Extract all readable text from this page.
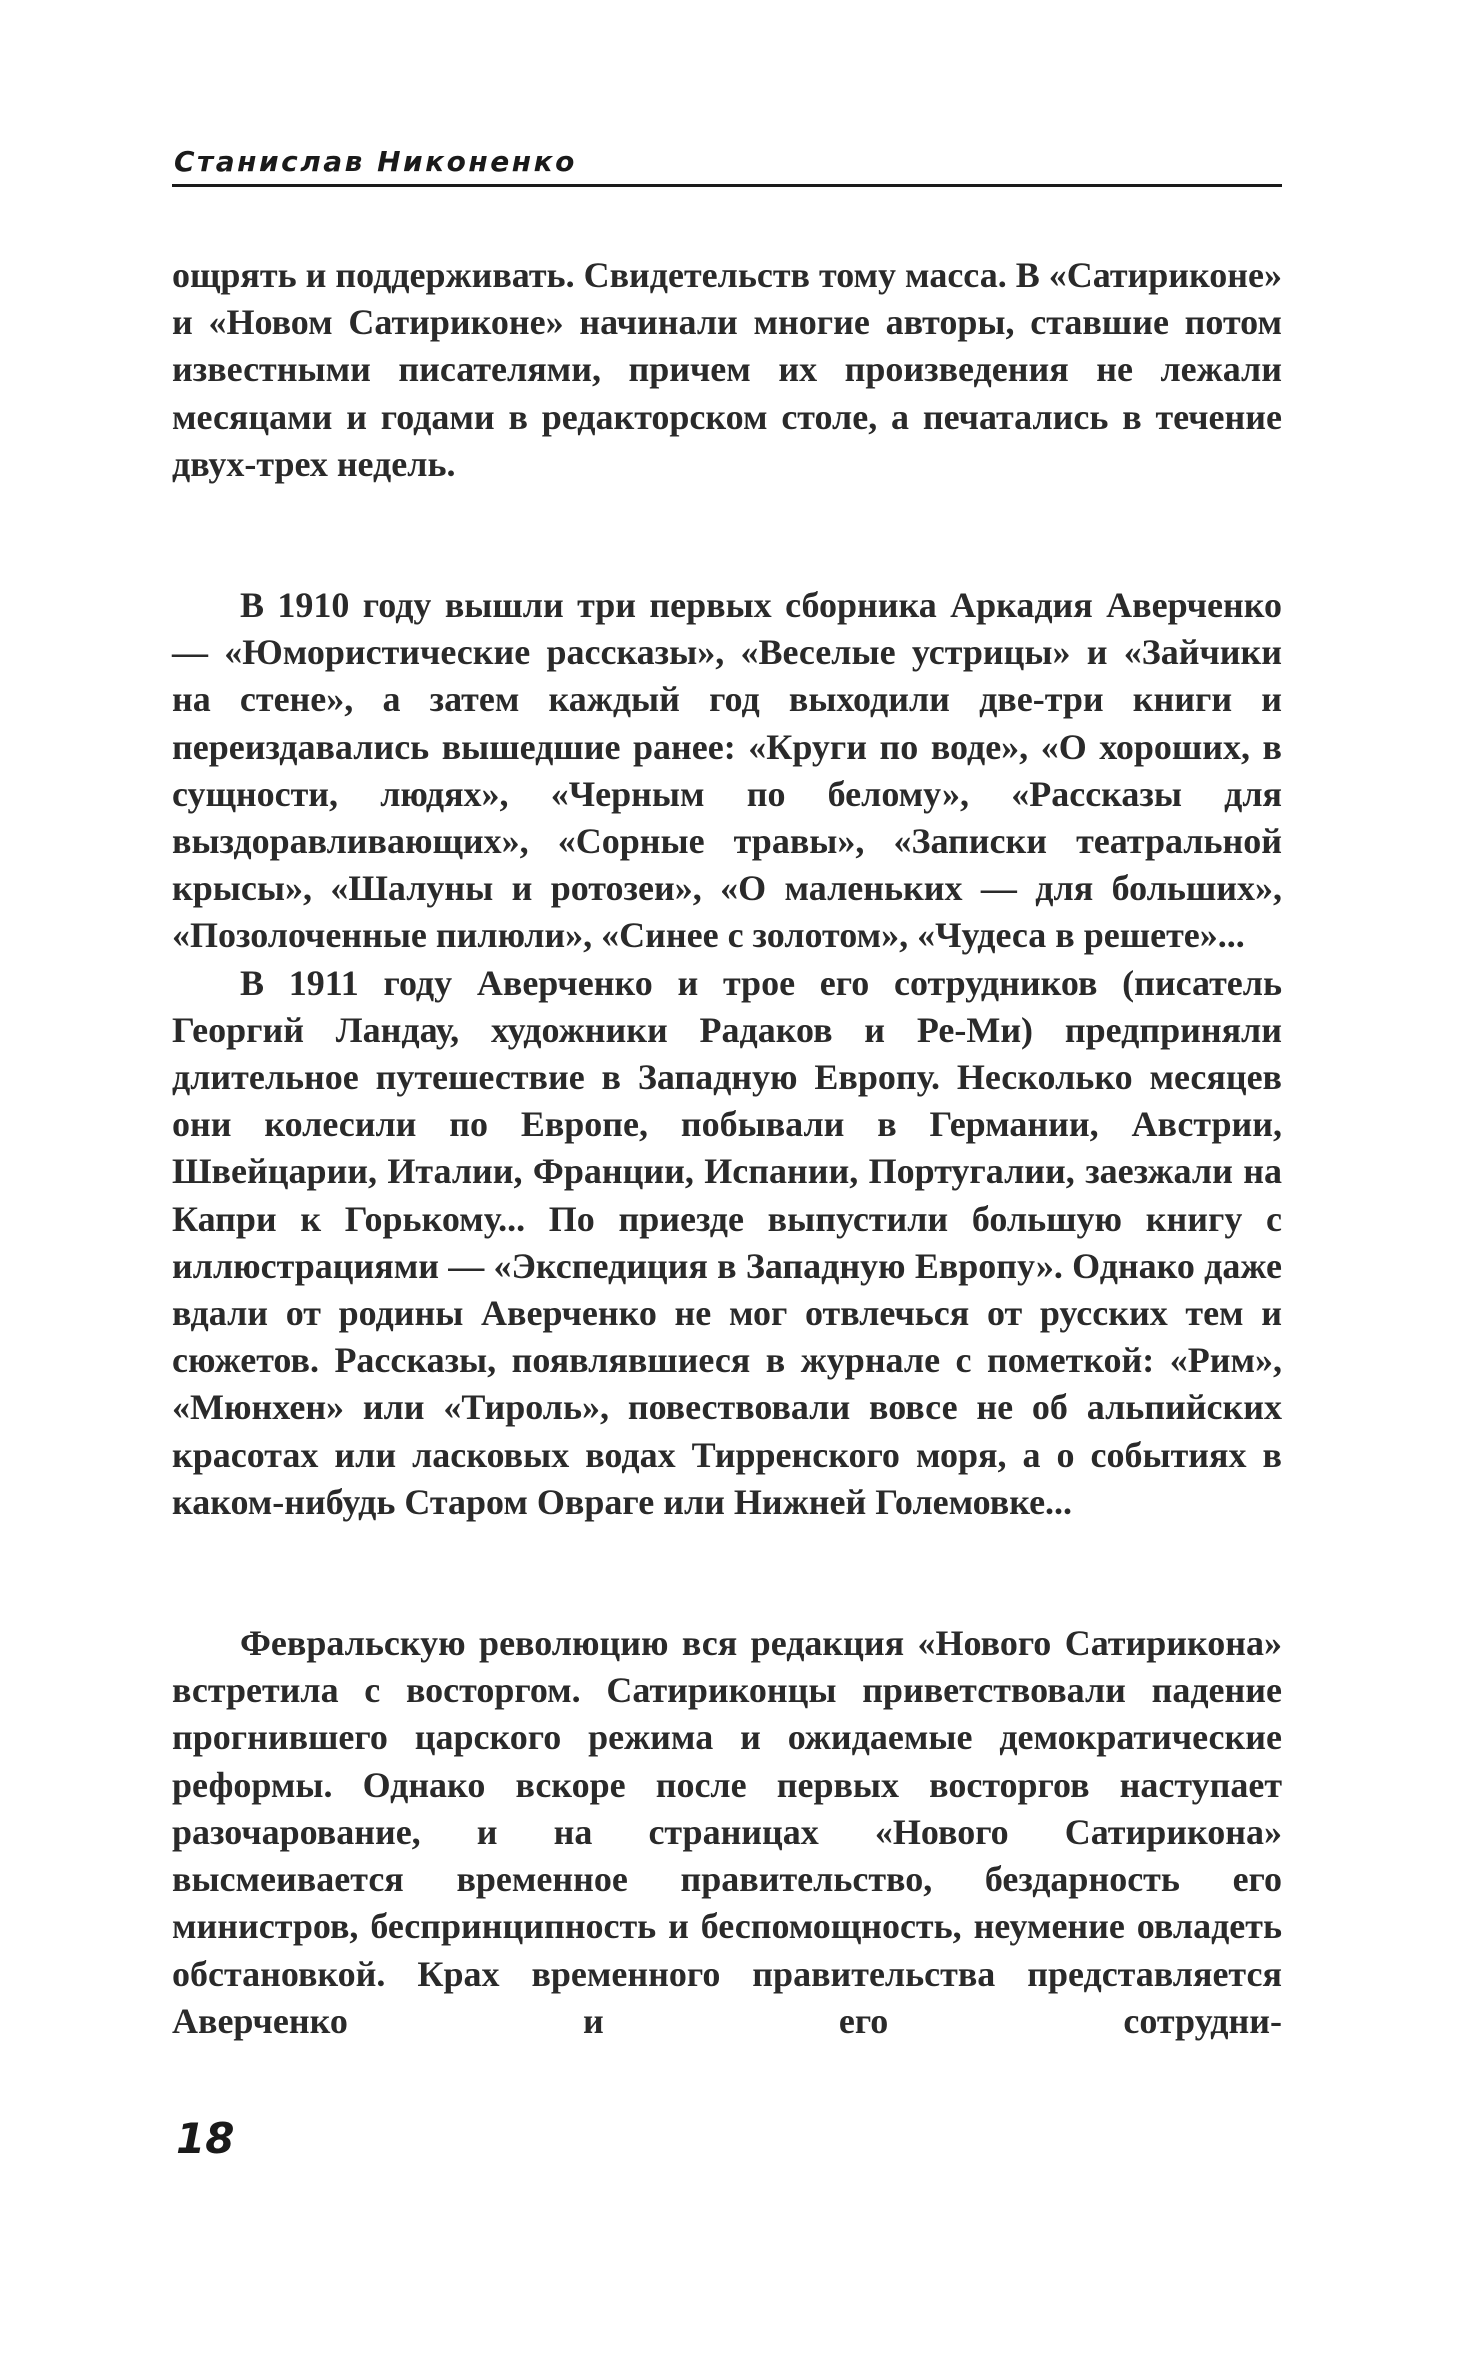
Станислав Никоненко

ощрять и поддерживать. Свидетельств тому масса. В «Сатириконе» и «Новом Сатириконе» начинали многие авторы, ставшие потом известными писателями, причем их произведения не лежали месяцами и годами в редакторском столе, а печатались в течение двух-трех недель.

В 1910 году вышли три первых сборника Аркадия Аверченко — «Юмористические рассказы», «Веселые устрицы» и «Зайчики на стене», а затем каждый год выходили две-три книги и переиздавались вышедшие ранее: «Круги по воде», «О хороших, в сущности, людях», «Черным по белому», «Рассказы для выздоравливающих», «Сорные травы», «Записки театральной крысы», «Шалуны и ротозеи», «О маленьких — для больших», «Позолоченные пилюли», «Синее с золотом», «Чудеса в решете»...

В 1911 году Аверченко и трое его сотрудников (писатель Георгий Ландау, художники Радаков и Ре-Ми) предприняли длительное путешествие в Западную Европу. Несколько месяцев они колесили по Европе, побывали в Германии, Австрии, Швейцарии, Италии, Франции, Испании, Португалии, заезжали на Капри к Горькому... По приезде выпустили большую книгу с иллюстрациями — «Экспедиция в Западную Европу». Однако даже вдали от родины Аверченко не мог отвлечься от русских тем и сюжетов. Рассказы, появлявшиеся в журнале с пометкой: «Рим», «Мюнхен» или «Тироль», повествовали вовсе не об альпийских красотах или ласковых водах Тирренского моря, а о событиях в каком-нибудь Старом Овраге или Нижней Големовке...

Февральскую революцию вся редакция «Нового Сатирикона» встретила с восторгом. Сатириконцы приветствовали падение прогнившего царского режима и ожидаемые демократические реформы. Однако вскоре после первых восторгов наступает разочарование, и на страницах «Нового Сатирикона» высмеивается временное правительство, бездарность его министров, беспринципность и беспомощность, неумение овладеть обстановкой. Крах временного правительства представляется Аверченко и его сотрудни-

18
